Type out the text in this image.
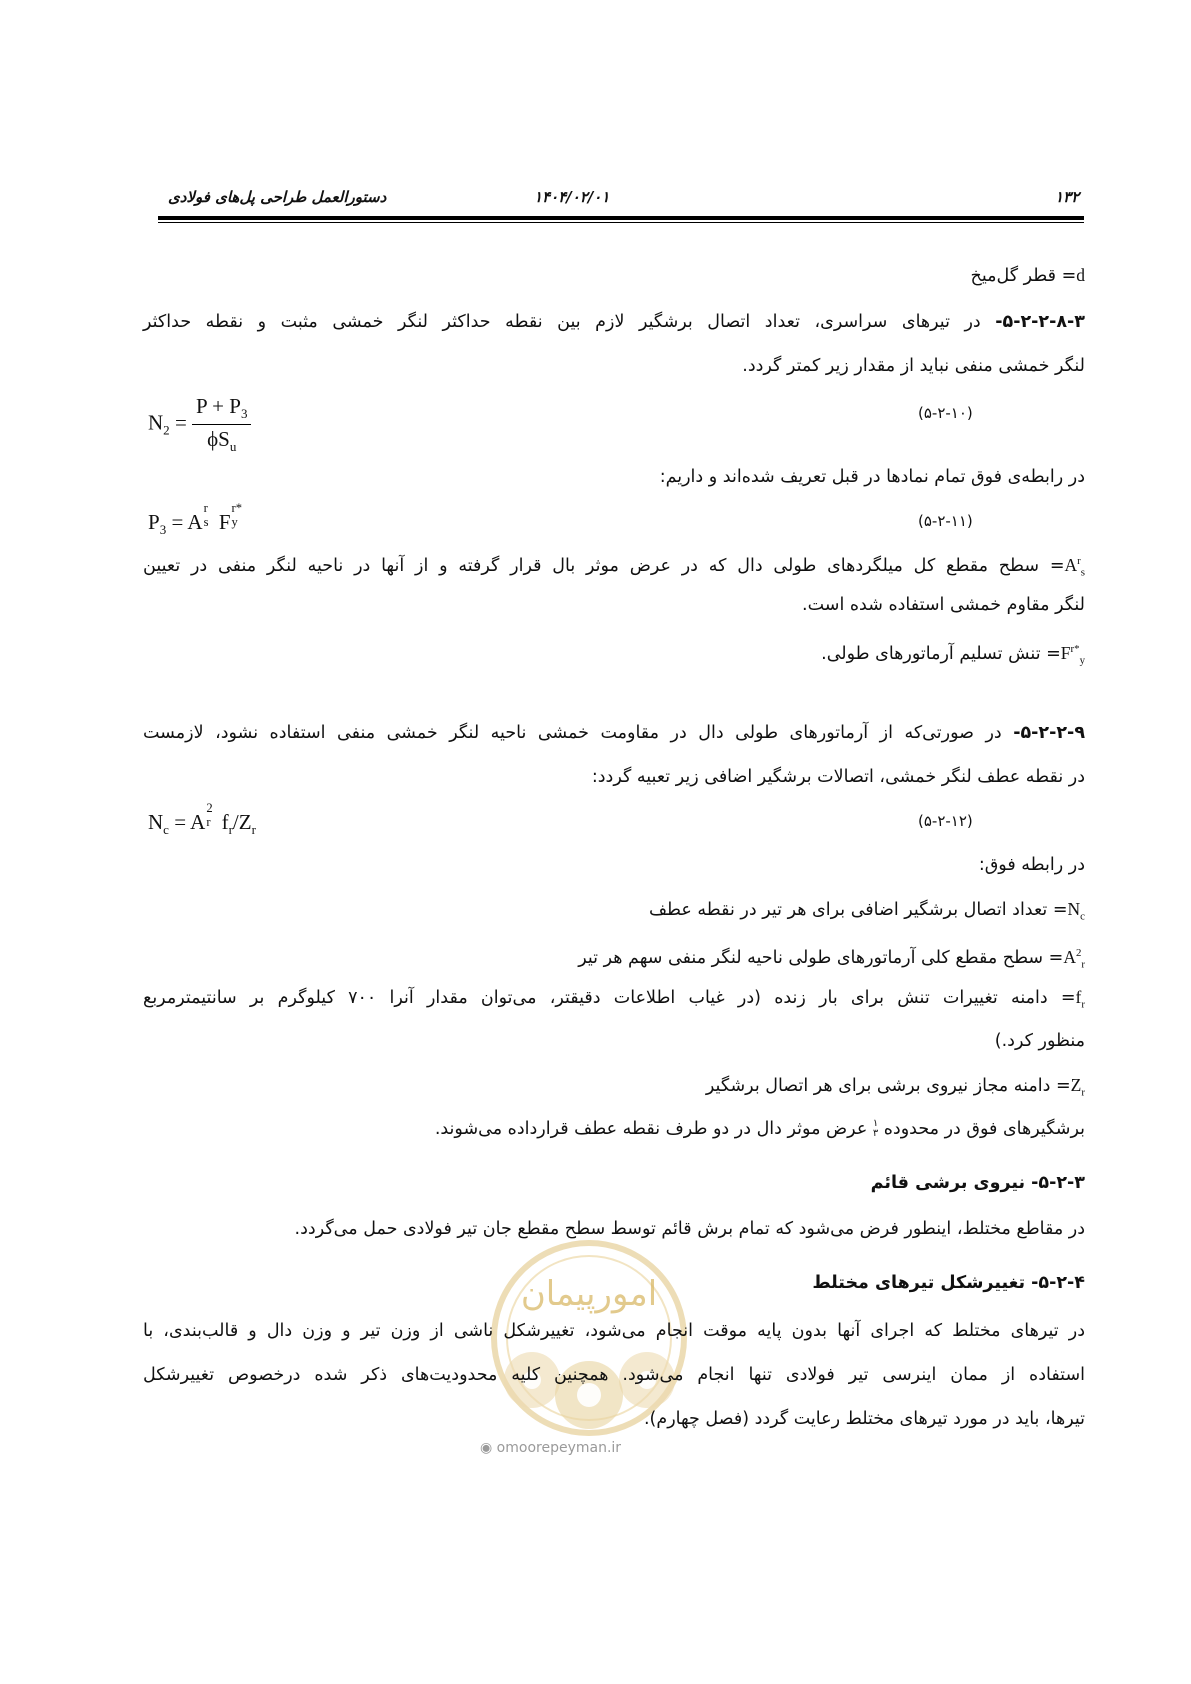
۱۳۲
۱۴۰۴/۰۲/۰۱
دستورالعمل طراحی پل‌های فولادی
d= قطر گل‌میخ
۵-۲-۲-۸-۳- در تیرهای سراسری، تعداد اتصال برشگیر لازم بین نقطه حداکثر لنگر خمشی مثبت و نقطه حداکثر
لنگر خمشی منفی نباید از مقدار زیر کمتر گردد.
$N_2 = \frac{P + P_3}{\phi S_u}$	(۵-۲-۱۰)
در رابطه‌ی فوق تمام نمادها در قبل تعریف شده‌اند و داریم:
$P_3 = A$
r
s F
r*
y	(۵-۲-۱۱)
$A^r_s=$ سطح مقطع کل میلگردهای طولی دال که در عرض موثر بال قرار گرفته و از آنها در ناحیه لنگر منفی در تعیین
لنگر مقاوم خمشی استفاده شده است.
$F^{r*}_y=$ تنش تسلیم آرماتورهای طولی.
۵-۲-۲-۹- در صورتی‌که از آرماتورهای طولی دال در مقاومت خمشی ناحیه لنگر خمشی منفی استفاده نشود، لازمست
در نقطه عطف لنگر خمشی، اتصالات برشگیر اضافی زیر تعبیه گردد:
$N_c = A$
2
r $f_r/Z_r$	(۵-۲-۱۲)
در رابطه فوق:
$N_c=$ تعداد اتصال برشگیر اضافی برای هر تیر در نقطه عطف
$A^2_r=$ سطح مقطع کلی آرماتورهای طولی ناحیه لنگر منفی سهم هر تیر
$f_r=$ دامنه تغییرات تنش برای بار زنده (در غیاب اطلاعات دقیقتر، می‌توان مقدار آنرا ۷۰۰ کیلوگرم بر سانتیمترمربع
منظور کرد.)
$Z_r=$ دامنه مجاز نیروی برشی برای هر اتصال برشگیر
برشگیرهای فوق در محدوده
۱
۳
عرض موثر دال در دو طرف نقطه عطف قرارداده می‌شوند.
۵-۲-۳- نیروی برشی قائم
در مقاطع مختلط، اینطور فرض می‌شود که تمام برش قائم توسط سطح مقطع جان تیر فولادی حمل می‌گردد.
امورپیمان	۵-۲-۴- تغییرشکل تیرهای مختلط
در تیرهای مختلط که اجرای آنها بدون پایه موقت انجام می‌شود، تغییرشکل ناشی از وزن تیر و وزن دال و قالب‌بندی، با
استفاده از ممان اینرسی تیر فولادی تنها انجام می‌شود. همچنین کلیه محدودیت‌های ذکر شده درخصوص تغییرشکل
تیرها، باید در مورد تیرهای مختلط رعایت گردد (فصل چهارم).
◉ omoorepeyman.ir
